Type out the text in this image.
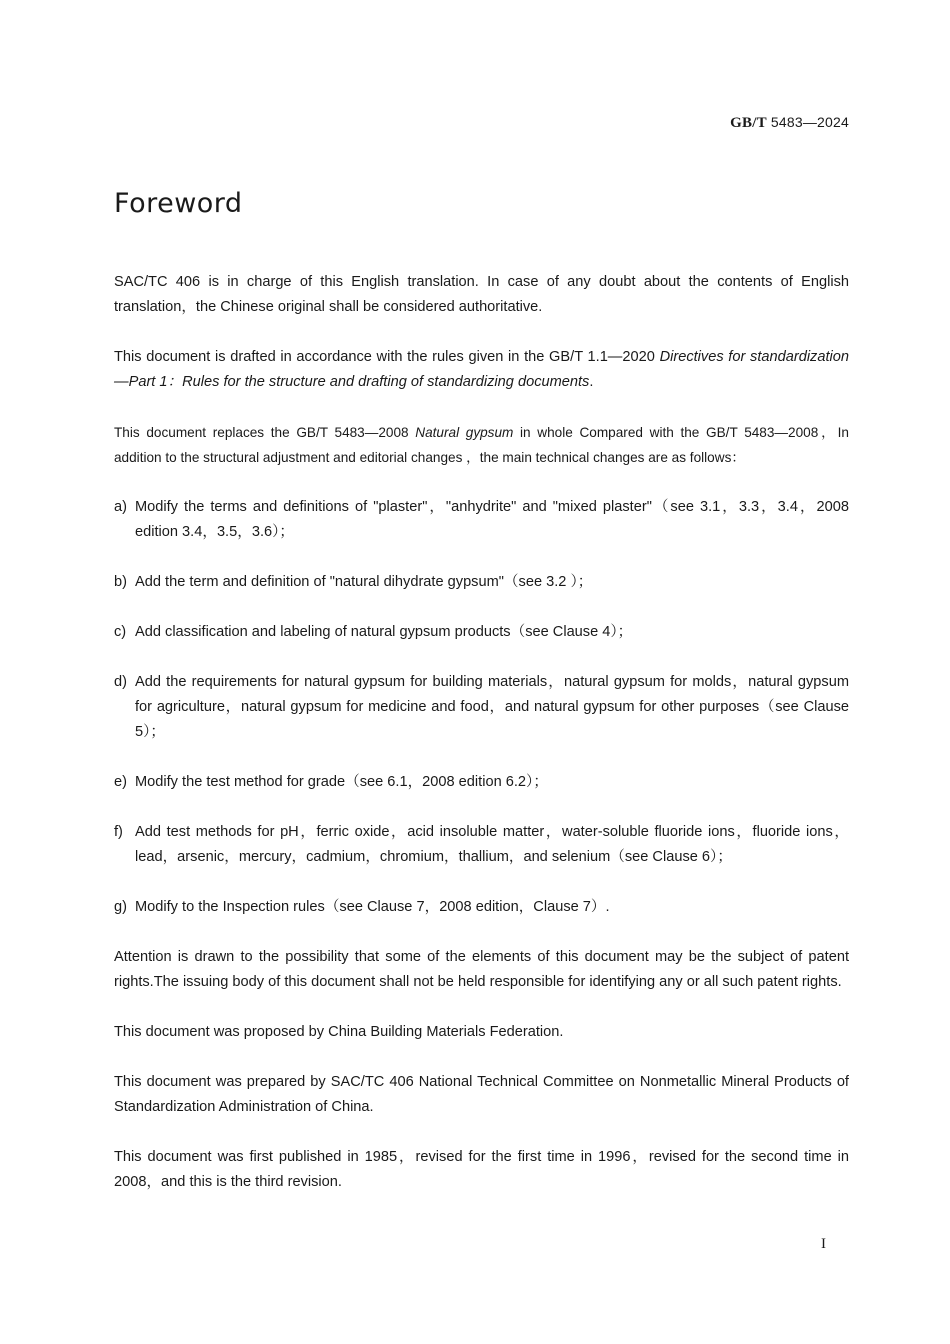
GB/T 5483—2024
Foreword

SAC/TC 406 is in charge of this English translation. In case of any doubt about the contents of English translation，the Chinese original shall be considered authoritative.

This document is drafted in accordance with the rules given in the GB/T 1.1—2020 Directives for standardization—Part 1：Rules for the structure and drafting of standardizing documents.

This document replaces the GB/T 5483—2008 Natural gypsum in whole Compared with the GB/T 5483—2008，In addition to the structural adjustment and editorial changes ，the main technical changes are as follows：

a) Modify the terms and definitions of "plaster"，"anhydrite" and "mixed plaster"（see 3.1，3.3，3.4，2008 edition 3.4，3.5，3.6）；
b) Add the term and definition of "natural dihydrate gypsum"（see 3.2 ）；
c) Add classification and labeling of natural gypsum products（see Clause 4）；
d) Add the requirements for natural gypsum for building materials，natural gypsum for molds，natural gypsum for agriculture，natural gypsum for medicine and food，and natural gypsum for other purposes（see Clause 5）；
e) Modify the test method for grade（see 6.1，2008 edition 6.2）；
f) Add test methods for pH，ferric oxide，acid insoluble matter，water-soluble fluoride ions，fluoride ions，lead，arsenic，mercury，cadmium，chromium，thallium，and selenium（see Clause 6）；
g) Modify to the Inspection rules（see Clause 7，2008 edition，Clause 7）.

Attention is drawn to the possibility that some of the elements of this document may be the subject of patent rights.The issuing body of this document shall not be held responsible for identifying any or all such patent rights.

This document was proposed by China Building Materials Federation.

This document was prepared by SAC/TC 406 National Technical Committee on Nonmetallic Mineral Products of Standardization Administration of China.

This document was first published in 1985，revised for the first time in 1996，revised for the second time in 2008，and this is the third revision.

I
